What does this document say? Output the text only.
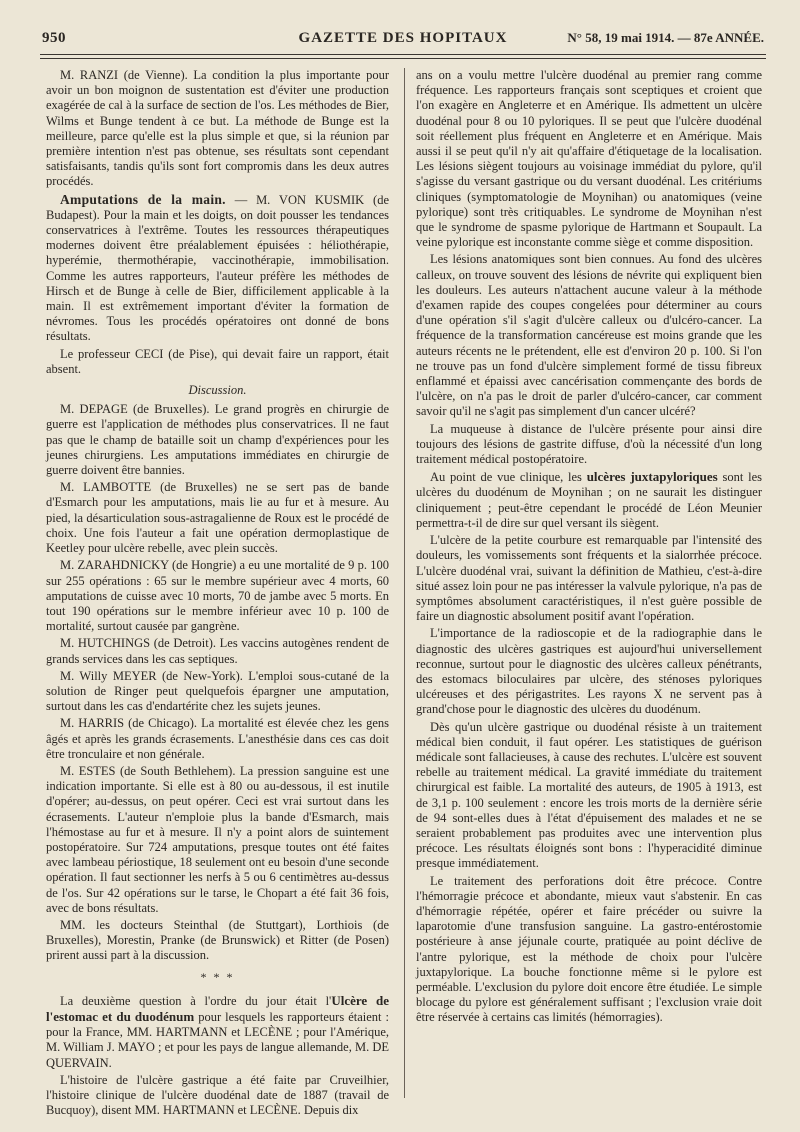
950	GAZETTE DES HOPITAUX	N° 58, 19 mai 1914. — 87e ANNÉE.

M. RANZI (de Vienne). La condition la plus importante pour avoir un bon moignon de sustentation est d'éviter une production exagérée de cal à la surface de section de l'os. Les méthodes de Bier, Wilms et Bunge tendent à ce but. La méthode de Bunge est la meilleure, parce qu'elle est la plus simple et que, si la réunion par première intention n'est pas obtenue, ses résultats sont cependant satisfaisants, tandis qu'ils sont fort compromis dans les deux autres procédés.

Amputations de la main. — M. VON KUSMIK (de Budapest). Pour la main et les doigts, on doit pousser les tendances conservatrices à l'extrême. Toutes les ressources thérapeutiques modernes doivent être préalablement épuisées : héliothérapie, hyperémie, thermothérapie, vaccinothérapie, immobilisation. Comme les autres rapporteurs, l'auteur préfère les méthodes de Hirsch et de Bunge à celle de Bier, difficilement applicable à la main. Il est extrêmement important d'éviter la formation de névromes. Tous les procédés opératoires ont donné de bons résultats.

Le professeur CECI (de Pise), qui devait faire un rapport, était absent.

Discussion.

M. DEPAGE (de Bruxelles). Le grand progrès en chirurgie de guerre est l'application de méthodes plus conservatrices. Il ne faut pas que le champ de bataille soit un champ d'expériences pour les jeunes chirurgiens. Les amputations immédiates en chirurgie de guerre doivent être bannies.

M. LAMBOTTE (de Bruxelles) ne se sert pas de bande d'Esmarch pour les amputations, mais lie au fur et à mesure. Au pied, la désarticulation sous-astragalienne de Roux est le procédé de choix. Une fois l'auteur a fait une opération dermoplastique de Keetley pour ulcère rebelle, avec plein succès.

M. ZARAHDNICKY (de Hongrie) a eu une mortalité de 9 p. 100 sur 255 opérations : 65 sur le membre supérieur avec 4 morts, 60 amputations de cuisse avec 10 morts, 70 de jambe avec 5 morts. En tout 190 opérations sur le membre inférieur avec 10 p. 100 de mortalité, surtout causée par gangrène.

M. HUTCHINGS (de Detroit). Les vaccins autogènes rendent de grands services dans les cas septiques.

M. Willy MEYER (de New-York). L'emploi sous-cutané de la solution de Ringer peut quelquefois épargner une amputation, surtout dans les cas d'endartérite chez les sujets jeunes.

M. HARRIS (de Chicago). La mortalité est élevée chez les gens âgés et après les grands écrasements. L'anesthésie dans ces cas doit être tronculaire et non générale.

M. ESTES (de South Bethlehem). La pression sanguine est une indication importante. Si elle est à 80 ou au-dessous, il est inutile d'opérer; au-dessus, on peut opérer. Ceci est vrai surtout dans les écrasements. L'auteur n'emploie plus la bande d'Esmarch, mais l'hémostase au fur et à mesure. Il n'y a point alors de suintement postopératoire. Sur 724 amputations, presque toutes ont été faites avec lambeau périostique, 18 seulement ont eu besoin d'une seconde opération. Il faut sectionner les nerfs à 5 ou 6 centimètres au-dessus de l'os. Sur 42 opérations sur le tarse, le Chopart a été fait 36 fois, avec de bons résultats.

MM. les docteurs Steinthal (de Stuttgart), Lorthiois (de Bruxelles), Morestin, Pranke (de Brunswick) et Ritter (de Posen) prirent aussi part à la discussion.

* * *

La deuxième question à l'ordre du jour était l'Ulcère de l'estomac et du duodénum pour lesquels les rapporteurs étaient : pour la France, MM. HARTMANN et LECÈNE ; pour l'Amérique, M. William J. MAYO ; et pour les pays de langue allemande, M. DE QUERVAIN.

L'histoire de l'ulcère gastrique a été faite par Cruveilhier, l'histoire clinique de l'ulcère duodénal date de 1887 (travail de Bucquoy), disent MM. HARTMANN et LECÈNE. Depuis dix

ans on a voulu mettre l'ulcère duodénal au premier rang comme fréquence. Les rapporteurs français sont sceptiques et croient que l'on exagère en Angleterre et en Amérique. Ils admettent un ulcère duodénal pour 8 ou 10 pyloriques. Il se peut que l'ulcère duodénal soit réellement plus fréquent en Angleterre et en Amérique. Mais aussi il se peut qu'il n'y ait qu'affaire d'étiquetage de la localisation. Les lésions siègent toujours au voisinage immédiat du pylore, qu'il s'agisse du versant gastrique ou du versant duodénal. Les critériums cliniques (symptomatologie de Moynihan) ou anatomiques (veine pylorique) sont très critiquables. Le syndrome de Moynihan n'est que le syndrome de spasme pylorique de Hartmann et Soupault. La veine pylorique est inconstante comme siège et comme disposition.

Les lésions anatomiques sont bien connues. Au fond des ulcères calleux, on trouve souvent des lésions de névrite qui expliquent bien les douleurs. Les auteurs n'attachent aucune valeur à la méthode d'examen rapide des coupes congelées pour déterminer au cours d'une opération s'il s'agit d'ulcère calleux ou d'ulcéro-cancer. La fréquence de la transformation cancéreuse est moins grande que les auteurs récents ne le prétendent, elle est d'environ 20 p. 100. Si l'on ne trouve pas un fond d'ulcère simplement formé de tissu fibreux enflammé et épaissi avec cancérisation commençante des bords de l'ulcère, on n'a pas le droit de parler d'ulcéro-cancer, car comment savoir qu'il ne s'agit pas simplement d'un cancer ulcéré?

La muqueuse à distance de l'ulcère présente pour ainsi dire toujours des lésions de gastrite diffuse, d'où la nécessité d'un long traitement médical postopératoire.

Au point de vue clinique, les ulcères juxtapyloriques sont les ulcères du duodénum de Moynihan ; on ne saurait les distinguer cliniquement ; peut-être cependant le procédé de Léon Meunier permettra-t-il de dire sur quel versant ils siègent.

L'ulcère de la petite courbure est remarquable par l'intensité des douleurs, les vomissements sont fréquents et la sialorrhée précoce. L'ulcère duodénal vrai, suivant la définition de Mathieu, c'est-à-dire situé assez loin pour ne pas intéresser la valvule pylorique, n'a pas de symptômes absolument caractéristiques, il n'est guère possible de faire un diagnostic absolument positif avant l'opération.

L'importance de la radioscopie et de la radiographie dans le diagnostic des ulcères gastriques est aujourd'hui universellement reconnue, surtout pour le diagnostic des ulcères calleux pénétrants, des estomacs biloculaires par ulcère, des sténoses pyloriques ulcéreuses et des périgastrites. Les rayons X ne servent pas à grand'chose pour le diagnostic des ulcères du duodénum.

Dès qu'un ulcère gastrique ou duodénal résiste à un traitement médical bien conduit, il faut opérer. Les statistiques de guérison médicale sont fallacieuses, à cause des rechutes. L'ulcère est souvent rebelle au traitement médical. La gravité immédiate du traitement chirurgical est faible. La mortalité des auteurs, de 1905 à 1913, est de 3,1 p. 100 seulement : encore les trois morts de la dernière série de 94 sont-elles dues à l'état d'épuisement des malades et ne se seraient probablement pas produites avec une intervention plus précoce. Les résultats éloignés sont bons : l'hyperacidité diminue presque immédiatement.

Le traitement des perforations doit être précoce. Contre l'hémorragie précoce et abondante, mieux vaut s'abstenir. En cas d'hémorragie répétée, opérer et faire précéder ou suivre la laparotomie d'une transfusion sanguine. La gastro-entérostomie postérieure à anse jéjunale courte, pratiquée au point déclive de l'antre pylorique, est la méthode de choix pour l'ulcère juxtapylorique. La bouche fonctionne même si le pylore est perméable. L'exclusion du pylore doit encore être étudiée. Le simple blocage du pylore est généralement suffisant ; l'exclusion vraie doit être réservée à certains cas limités (hémorragies).
